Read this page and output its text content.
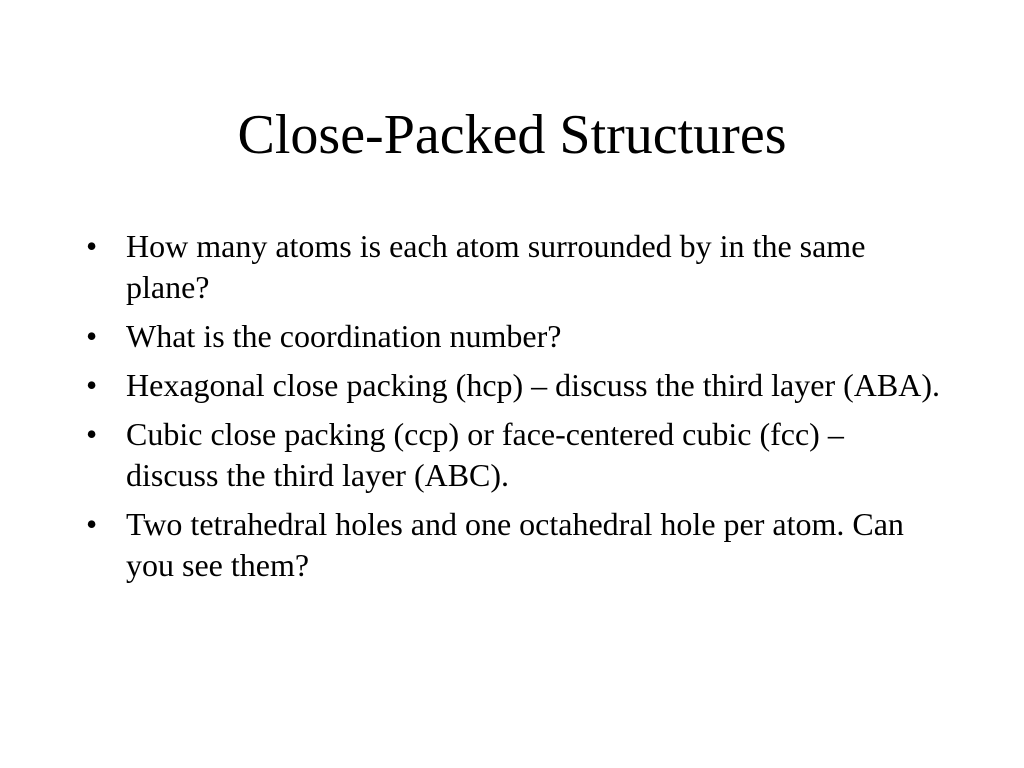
Close-Packed Structures
• How many atoms is each atom surrounded by in the same plane?
• What is the coordination number?
• Hexagonal close packing (hcp) – discuss the third layer (ABA).
• Cubic close packing (ccp) or face-centered cubic (fcc) – discuss the third layer (ABC).
• Two tetrahedral holes and one octahedral hole per atom. Can you see them?
